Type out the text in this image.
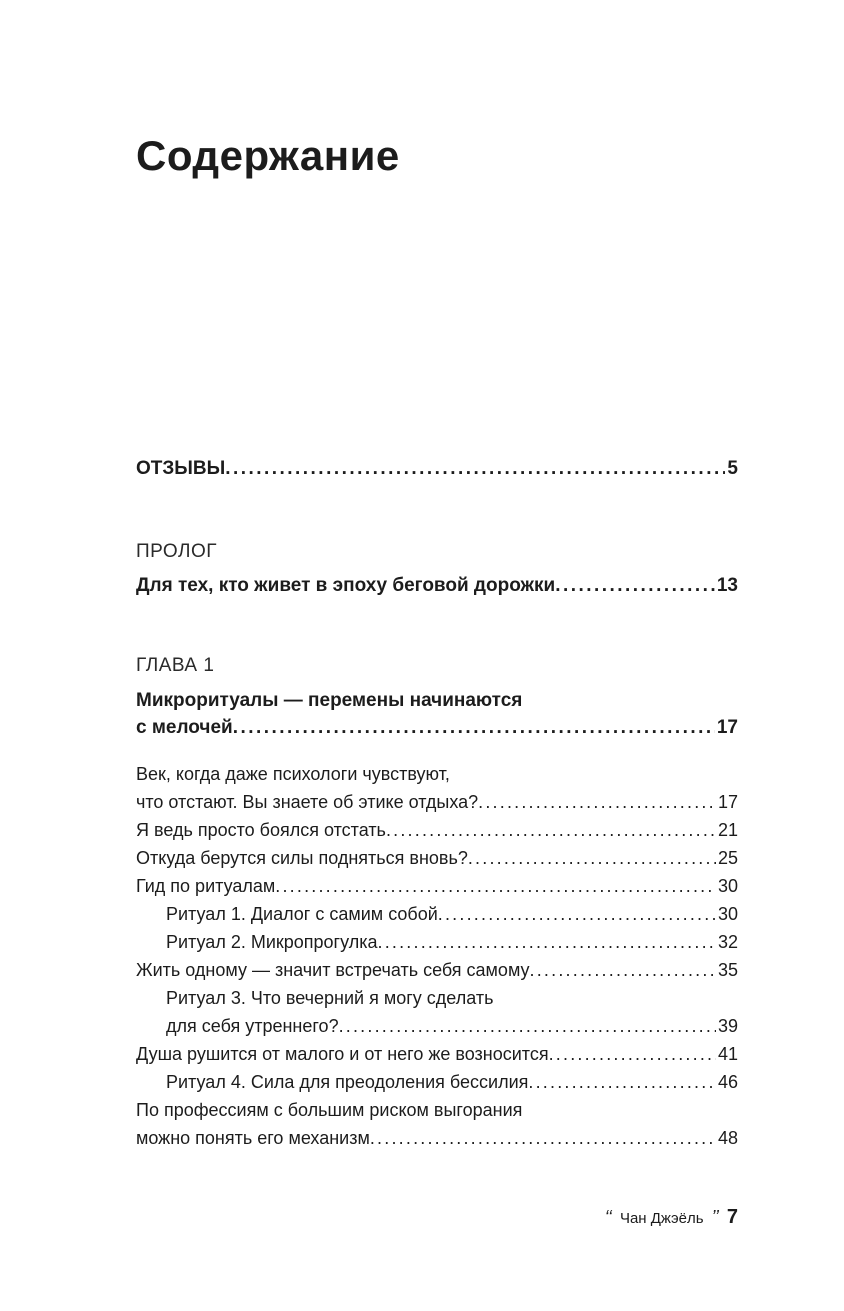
Содержание
ОТЗЫВЫ . . .	5
ПРОЛОГ
Для тех, кто живет в эпоху беговой дорожки . . .	13
ГЛАВА 1
Микроритуалы — перемены начинаются
с мелочей . . .	17
Век, когда даже психологи чувствуют,
что отстают. Вы знаете об этике отдыха? . . .	17
Я ведь просто боялся отстать . . .	21
Откуда берутся силы подняться вновь? . . .	25
Гид по ритуалам . . .	30
Ритуал 1. Диалог с самим собой . . .	30
Ритуал 2. Микропрогулка . . .	32
Жить одному — значит встречать себя самому . . .	35
Ритуал 3. Что вечерний я могу сделать
для себя утреннего? . . .	39
Душа рушится от малого и от него же возносится . . .	41
Ритуал 4. Сила для преодоления бессилия . . .	46
По профессиям с большим риском выгорания
можно понять его механизм . . .	48
‘‘ Чан Джэёль ’’ 7
